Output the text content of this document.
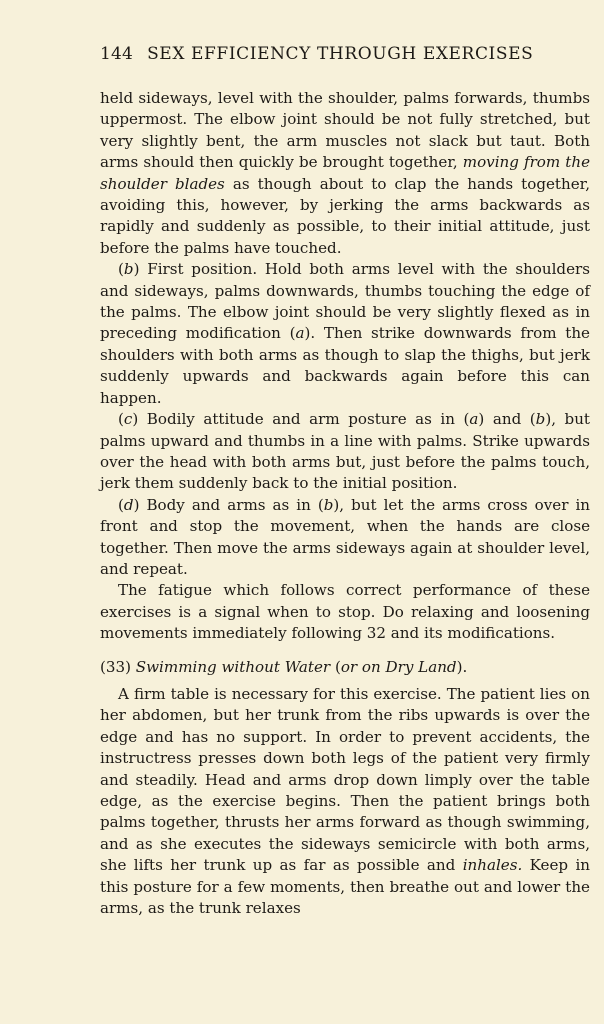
144 SEX EFFICIENCY THROUGH EXERCISES

held sideways, level with the shoulder, palms forwards, thumbs uppermost. The elbow joint should be not fully stretched, but very slightly bent, the arm muscles not slack but taut. Both arms should then quickly be brought together, moving from the shoulder blades as though about to clap the hands together, avoiding this, however, by jerking the arms backwards as rapidly and suddenly as possible, to their initial attitude, just before the palms have touched.

(b) First position. Hold both arms level with the shoulders and sideways, palms downwards, thumbs touching the edge of the palms. The elbow joint should be very slightly flexed as in preceding modification (a). Then strike downwards from the shoulders with both arms as though to slap the thighs, but jerk suddenly upwards and backwards again before this can happen.

(c) Bodily attitude and arm posture as in (a) and (b), but palms upward and thumbs in a line with palms. Strike upwards over the head with both arms but, just before the palms touch, jerk them suddenly back to the initial position.

(d) Body and arms as in (b), but let the arms cross over in front and stop the movement, when the hands are close together. Then move the arms sideways again at shoulder level, and repeat.

The fatigue which follows correct performance of these exercises is a signal when to stop. Do relaxing and loosening movements immediately following 32 and its modifications.

(33) Swimming without Water (or on Dry Land).

A firm table is necessary for this exercise. The patient lies on her abdomen, but her trunk from the ribs upwards is over the edge and has no support. In order to prevent accidents, the instructress presses down both legs of the patient very firmly and steadily. Head and arms drop down limply over the table edge, as the exercise begins. Then the patient brings both palms together, thrusts her arms forward as though swimming, and as she executes the sideways semicircle with both arms, she lifts her trunk up as far as possible and inhales. Keep in this posture for a few moments, then breathe out and lower the arms, as the trunk relaxes
